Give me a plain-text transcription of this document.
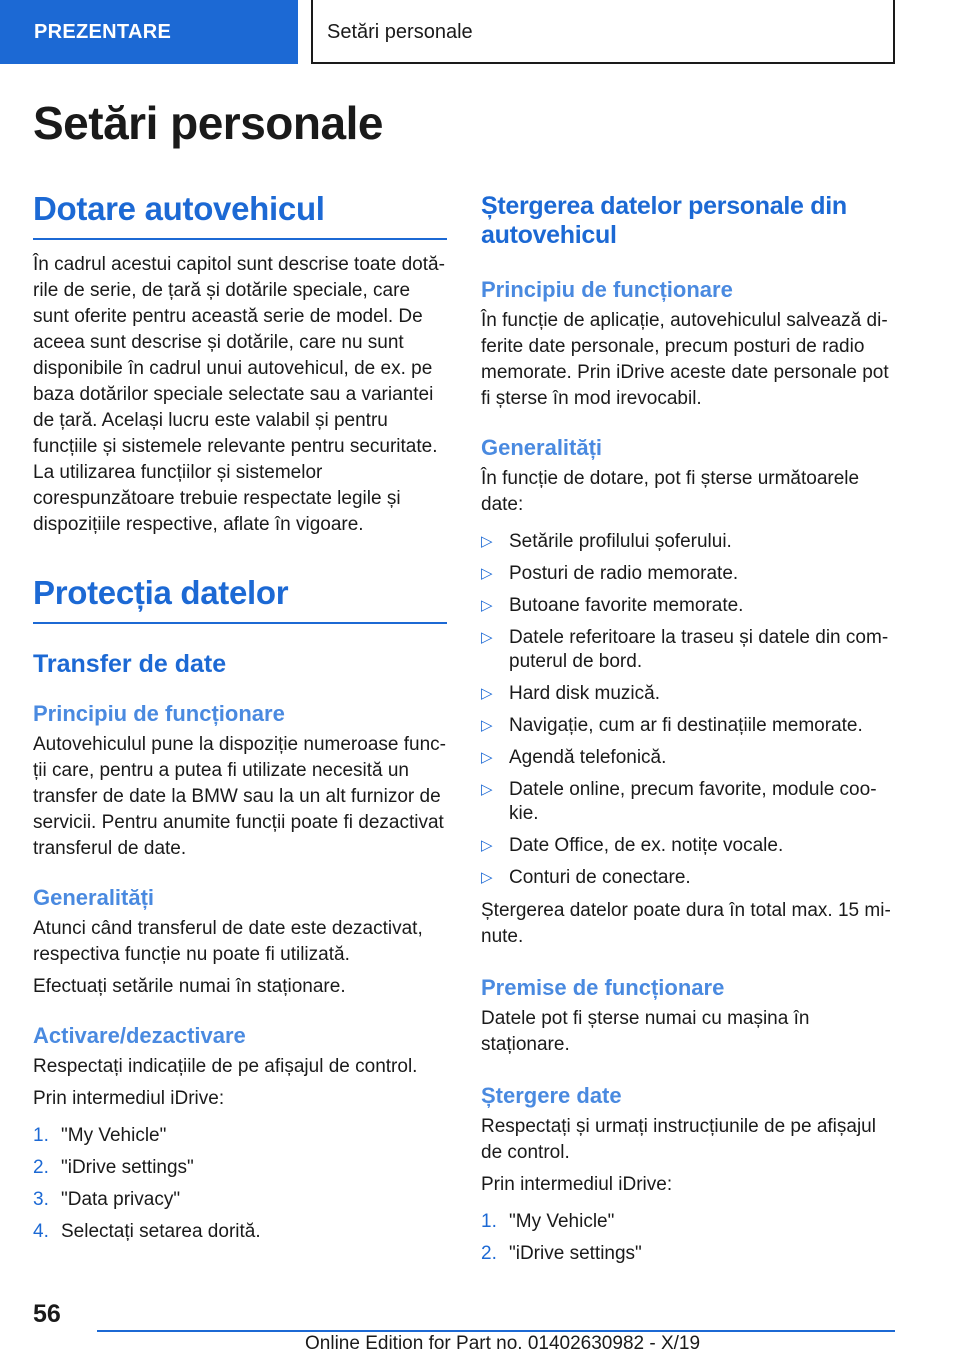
PREZENTARE	Setări personale
Setări personale
Dotare autovehicul

În cadrul acestui capitol sunt descrise toate dotările de serie, de țară și dotările speciale, care sunt oferite pentru această serie de model. De aceea sunt descrise și dotările, care nu sunt disponibile în cadrul unui autovehicul, de ex. pe baza dotărilor speciale selectate sau a variantei de țară. Același lucru este valabil și pentru funcțiile și sistemele relevante pentru securitate. La utilizarea funcțiilor și sistemelor corespunzătoare trebuie respectate legile și dispozițiile respective, aflate în vigoare.

Protecția datelor
Transfer de date
Principiu de funcționare

Autovehiculul pune la dispoziție numeroase funcții care, pentru a putea fi utilizate necesită un transfer de date la BMW sau la un alt furnizor de servicii. Pentru anumite funcții poate fi dezactivat transferul de date.

Generalități

Atunci când transferul de date este dezactivat, respectiva funcție nu poate fi utilizată.

Efectuați setările numai în staționare.

Activare/dezactivare

Respectați indicațiile de pe afișajul de control.

Prin intermediul iDrive:

1. "My Vehicle"
2. "iDrive settings"
3. "Data privacy"
4. Selectați setarea dorită.
Ștergerea datelor personale din autovehicul
Principiu de funcționare

În funcție de aplicație, autovehiculul salvează diferite date personale, precum posturi de radio memorate. Prin iDrive aceste date personale pot fi șterse în mod irevocabil.

Generalități

În funcție de dotare, pot fi șterse următoarele date:

▷ Setările profilului șoferului.
▷ Posturi de radio memorate.
▷ Butoane favorite memorate.
▷ Datele referitoare la traseu și datele din computerul de bord.
▷ Hard disk muzică.
▷ Navigație, cum ar fi destinațiile memorate.
▷ Agendă telefonică.
▷ Datele online, precum favorite, module cookie.
▷ Date Office, de ex. notițe vocale.
▷ Conturi de conectare.

Ștergerea datelor poate dura în total max. 15 minute.

Premise de funcționare

Datele pot fi șterse numai cu mașina în staționare.

Ștergere date

Respectați și urmați instrucțiunile de pe afișajul de control.

Prin intermediul iDrive:

1. "My Vehicle"
2. "iDrive settings"
56
Online Edition for Part no. 01402630982 - X/19
